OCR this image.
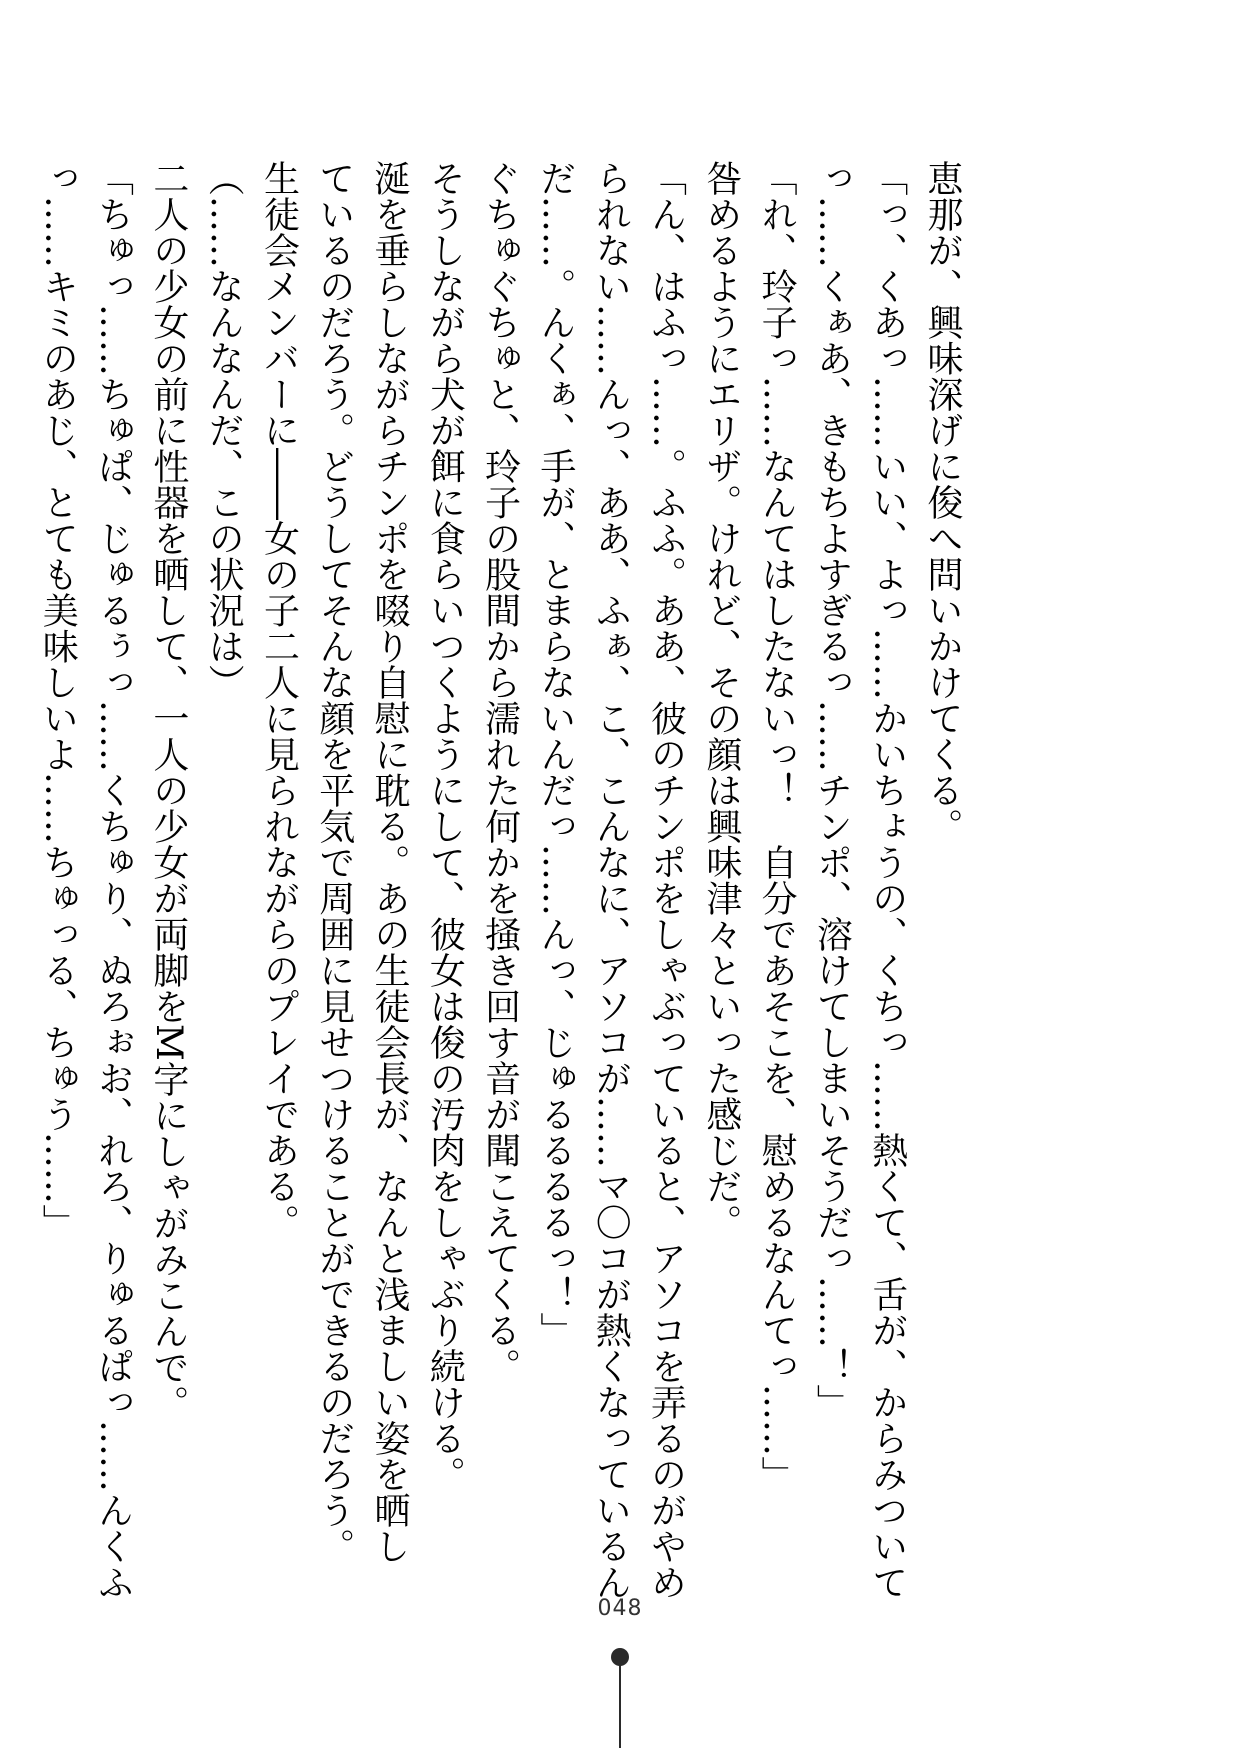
恵那が、興味深げに俊へ問いかけてくる。

「っ、くあっ……いい、よっ……かいちょうの、くちっ……熱くて、舌が、からみついて

っ……くぁあ、きもちよすぎるっ……チンポ、溶けてしまいそうだっ……！」

「れ、玲子っ……なんてはしたないっ！　自分であそこを、慰めるなんてっ……」

咎めるようにエリザ。けれど、その顔は興味津々といった感じだ。

「ん、はふっ……。ふふ。ああ、彼のチンポをしゃぶっていると、アソコを弄るのがやめ

られない……んっ、ああ、ふぁ、こ、こんなに、アソコが……マ〇コが熱くなっているん

だ……。んくぁ、手が、とまらないんだっ……んっ、じゅるるるるっ！」

ぐちゅぐちゅと、玲子の股間から濡れた何かを掻き回す音が聞こえてくる。

そうしながら犬が餌に食らいつくようにして、彼女は俊の汚肉をしゃぶり続ける。

涎を垂らしながらチンポを啜り自慰に耽る。あの生徒会長が、なんと浅ましい姿を晒し

ているのだろう。どうしてそんな顔を平気で周囲に見せつけることができるのだろう。

生徒会メンバーに――女の子二人に見られながらのプレイである。

（……なんなんだ、この状況は）

二人の少女の前に性器を晒して、一人の少女が両脚をM字にしゃがみこんで。

「ちゅっ……ちゅぱ、じゅるぅっ……くちゅり、ぬろぉお、れろ、りゅるぱっ……んくふ

っ……キミのあじ、とても美味しいよ……ちゅっる、ちゅう……」

048
